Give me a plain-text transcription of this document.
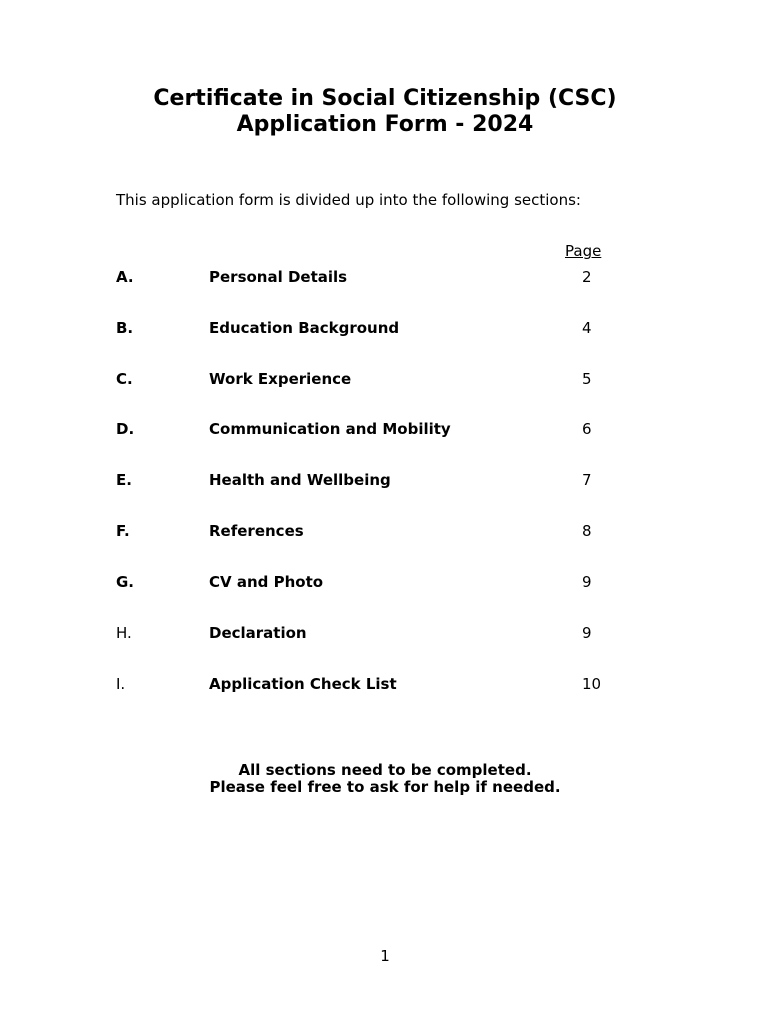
Certificate in Social Citizenship (CSC)
Application Form - 2024
This application form is divided up into the following sections:
Page
A.	Personal Details	2
B.	Education Background	4
C.	Work Experience	5
D.	Communication and Mobility	6
E.	Health and Wellbeing	7
F.	References	8
G.	CV and Photo	9
H.	Declaration	9
I.	Application Check List	10
All sections need to be completed.
Please feel free to ask for help if needed.
1
